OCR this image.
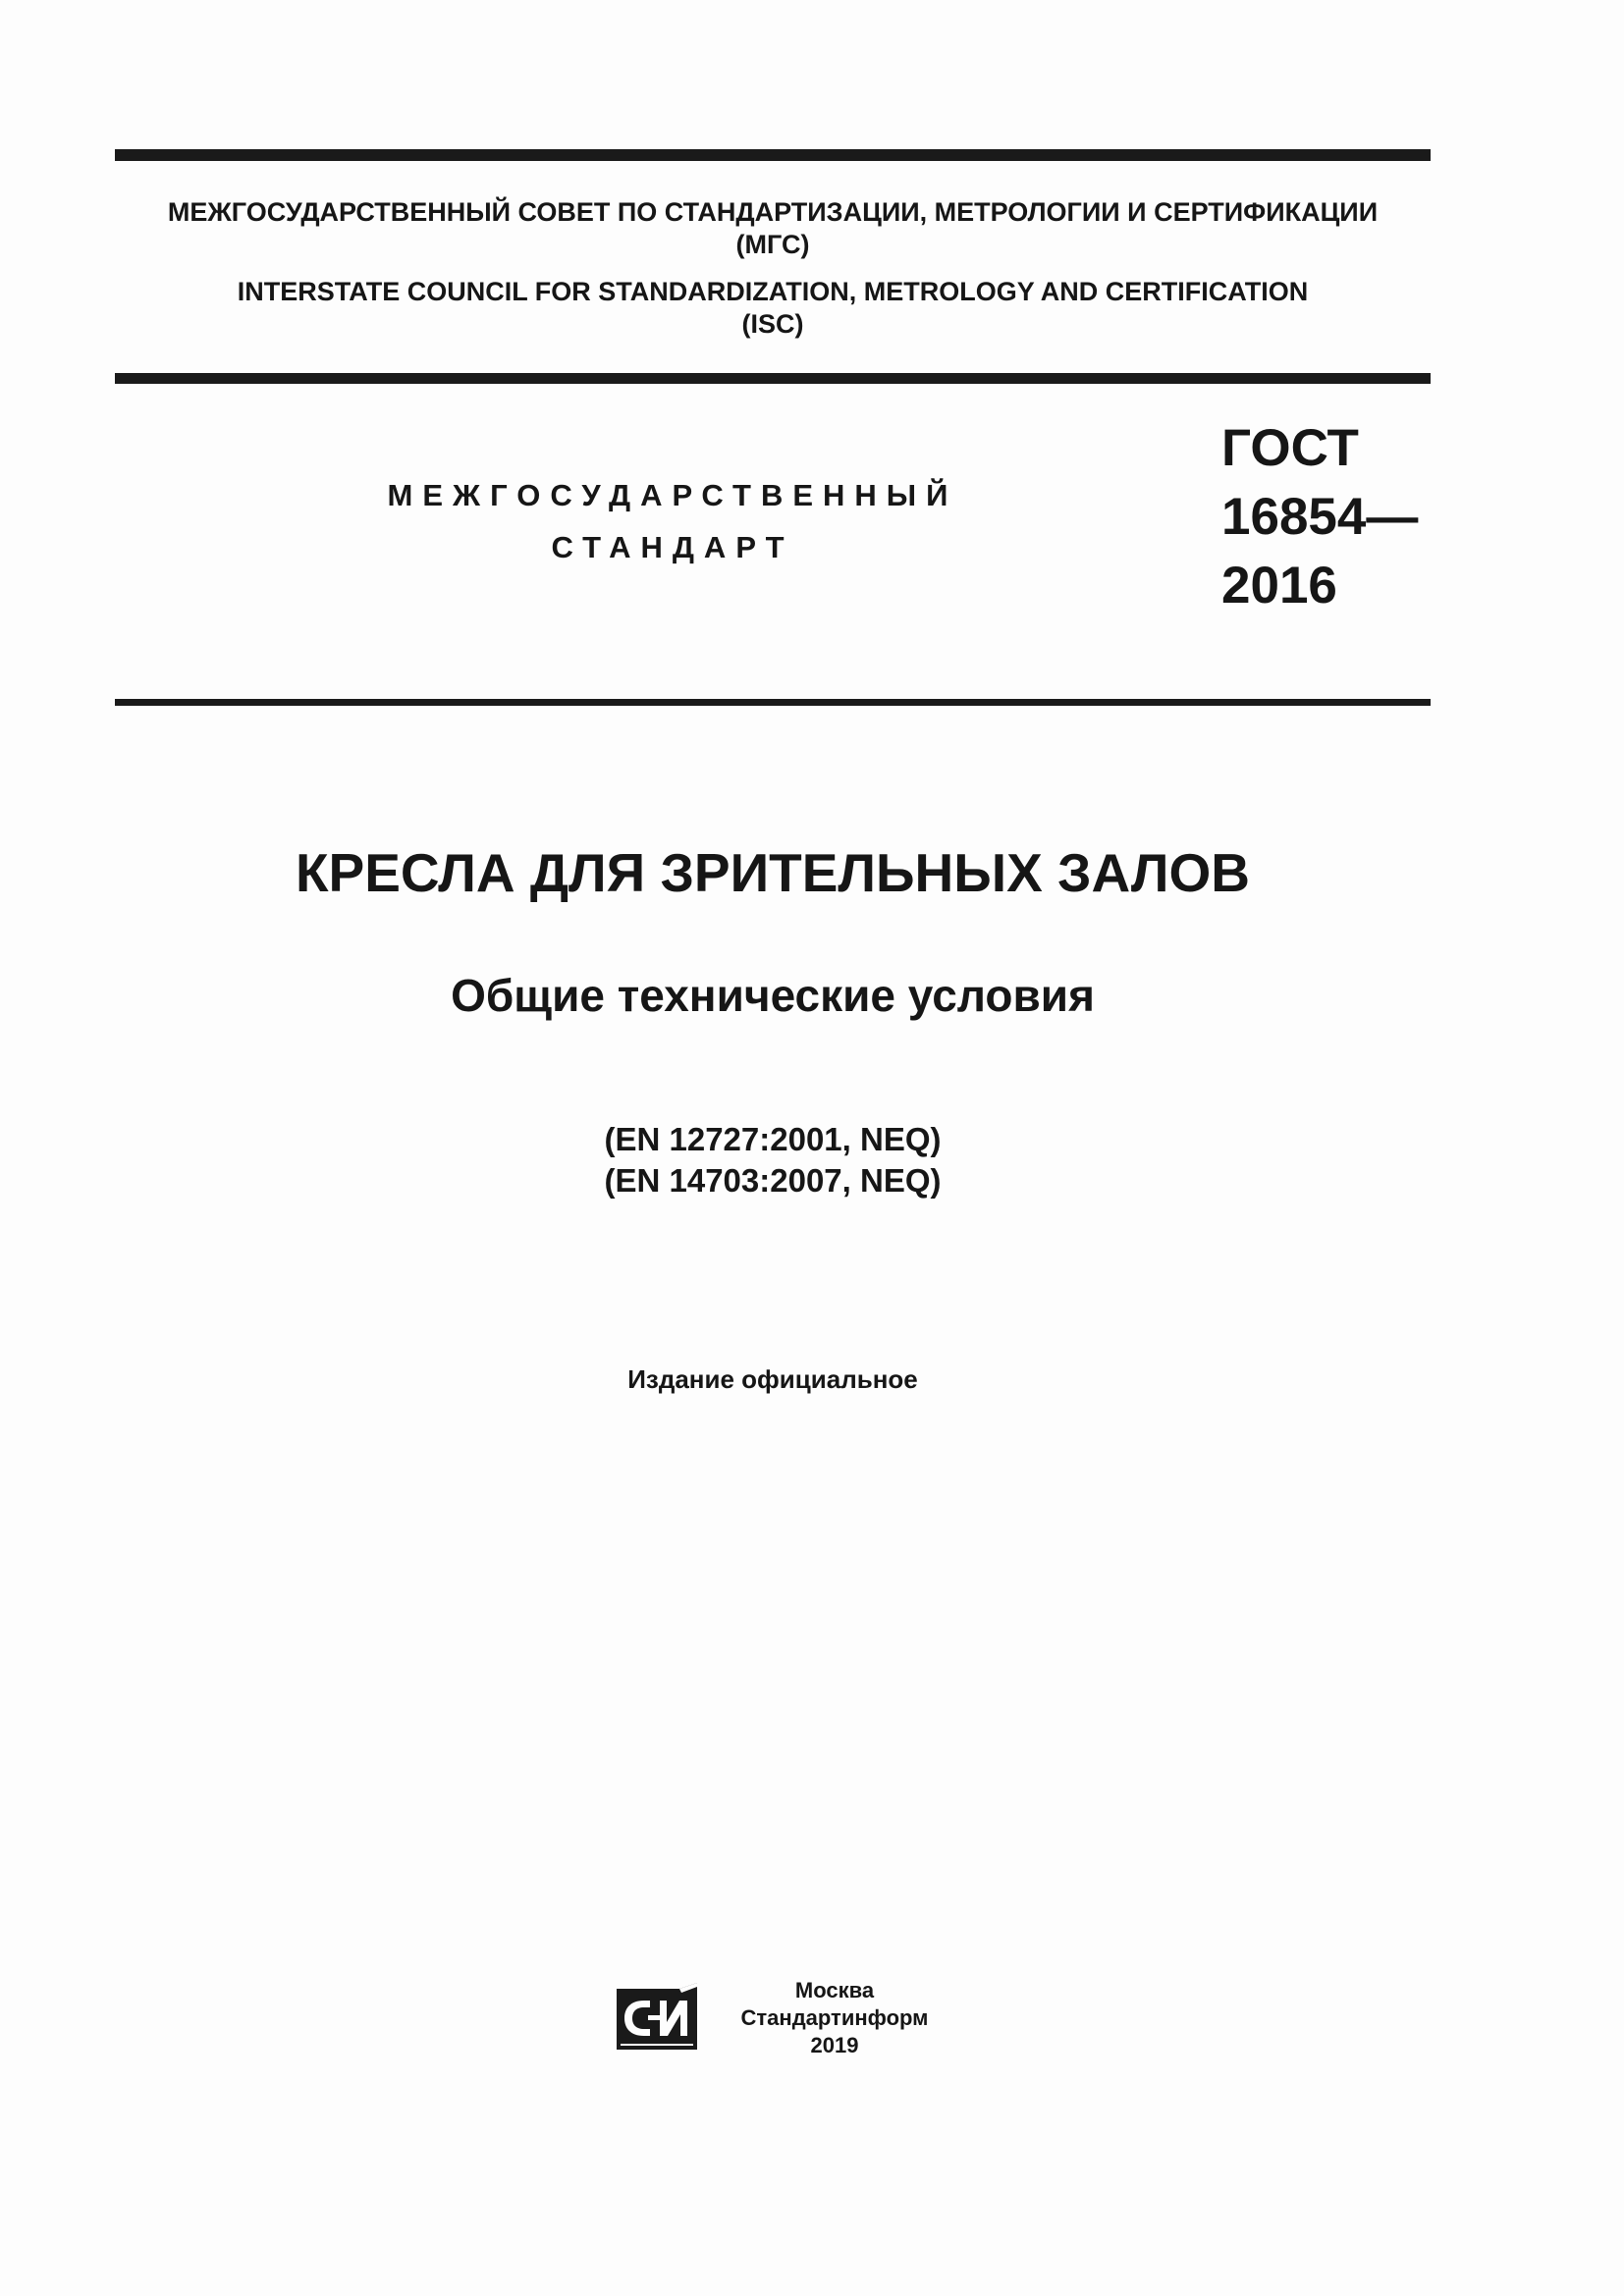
МЕЖГОСУДАРСТВЕННЫЙ СОВЕТ ПО СТАНДАРТИЗАЦИИ, МЕТРОЛОГИИ И СЕРТИФИКАЦИИ
(МГС)
INTERSTATE COUNCIL FOR STANDARDIZATION, METROLOGY AND CERTIFICATION
(ISC)
МЕЖГОСУДАРСТВЕННЫЙ
СТАНДАРТ
ГОСТ
16854—
2016
КРЕСЛА ДЛЯ ЗРИТЕЛЬНЫХ ЗАЛОВ
Общие технические условия
(EN 12727:2001, NEQ)
(EN 14703:2007, NEQ)
Издание официальное
Москва
Стандартинформ
2019
